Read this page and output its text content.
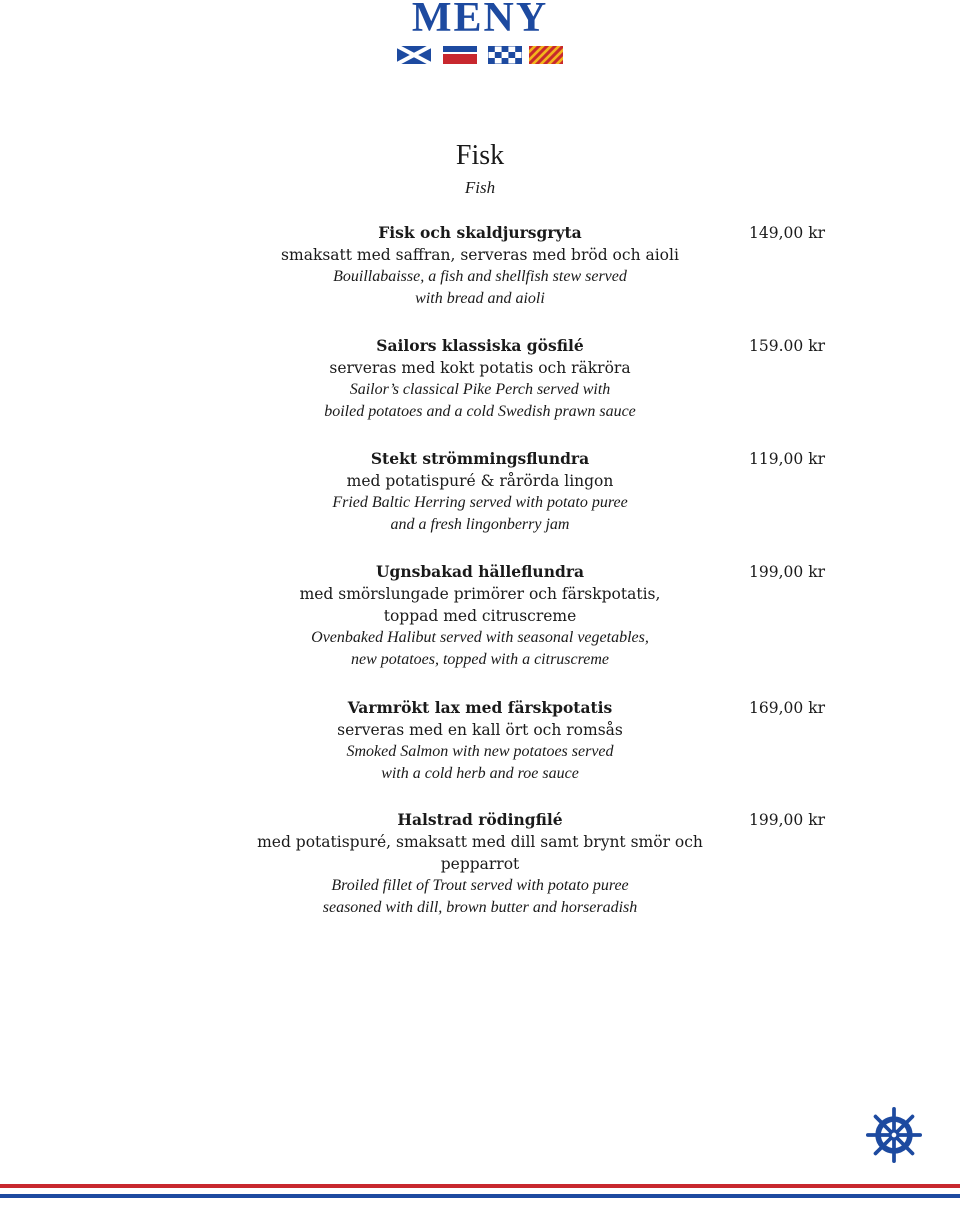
MENY
Fisk
Fish
Fisk och skaldjursgryta
smaksatt med saffran, serveras med bröd och aioli
Bouillabaisse, a fish and shellfish stew served
with bread and aioli
149,00 kr
Sailors klassiska gösfilé
serveras med kokt potatis och räkröra
Sailor’s classical Pike Perch served with
boiled potatoes and a cold Swedish prawn sauce
159.00 kr
Stekt strömmingsflundra
med potatispuré & rårörda lingon
Fried Baltic Herring served with potato puree
and a fresh lingonberry jam
119,00 kr
Ugnsbakad hälleflundra
med smörslungade primörer och färskpotatis,
toppad med citruscreme
Ovenbaked Halibut served with seasonal vegetables,
new potatoes, topped with a citruscreme
199,00 kr
Varmrökt lax med färskpotatis
serveras med en kall ört och romsås
Smoked Salmon with new potatoes served
with a cold herb and roe sauce
169,00 kr
Halstrad rödingfilé
med potatispuré, smaksatt med dill samt brynt smör och pepparrot
Broiled fillet of Trout served with potato puree
seasoned with dill, brown butter and horseradish
199,00 kr
